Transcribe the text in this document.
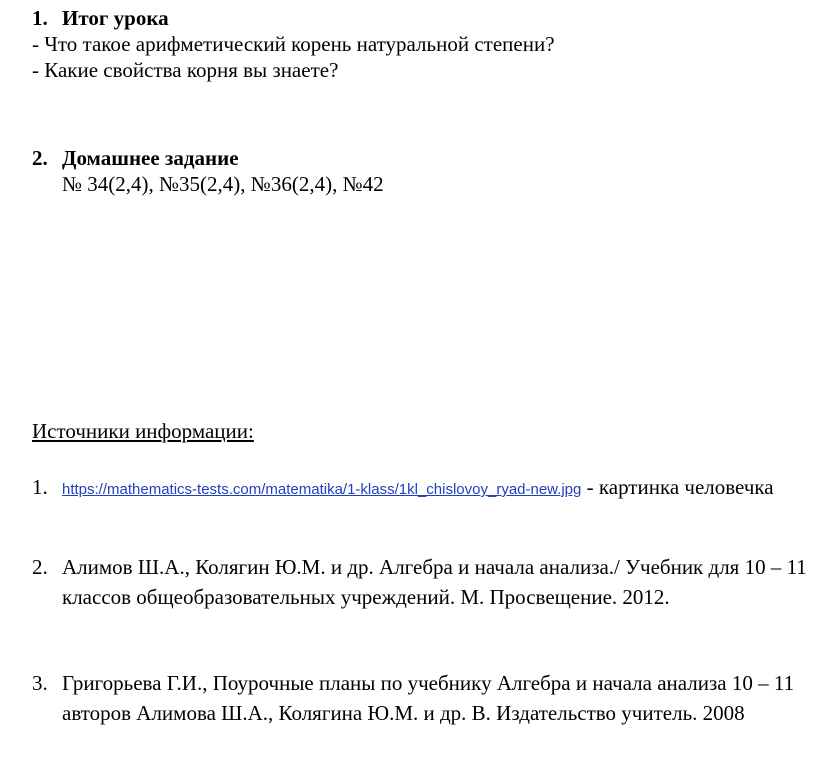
1. Итог урока
- Что такое арифметический корень натуральной степени?
- Какие свойства корня вы знаете?
2. Домашнее задание
№ 34(2,4), №35(2,4), №36(2,4), №42
Источники информации:
1. https://mathematics-tests.com/matematika/1-klass/1kl_chislovoy_ryad-new.jpg - картинка человечка
2. Алимов Ш.А., Колягин Ю.М. и др. Алгебра и начала анализа./ Учебник для 10 – 11 классов общеобразовательных учреждений. М. Просвещение. 2012.
3. Григорьева Г.И., Поурочные планы по учебнику Алгебра и начала анализа 10 – 11 авторов Алимова Ш.А., Колягина Ю.М. и др. В. Издательство учитель. 2008
